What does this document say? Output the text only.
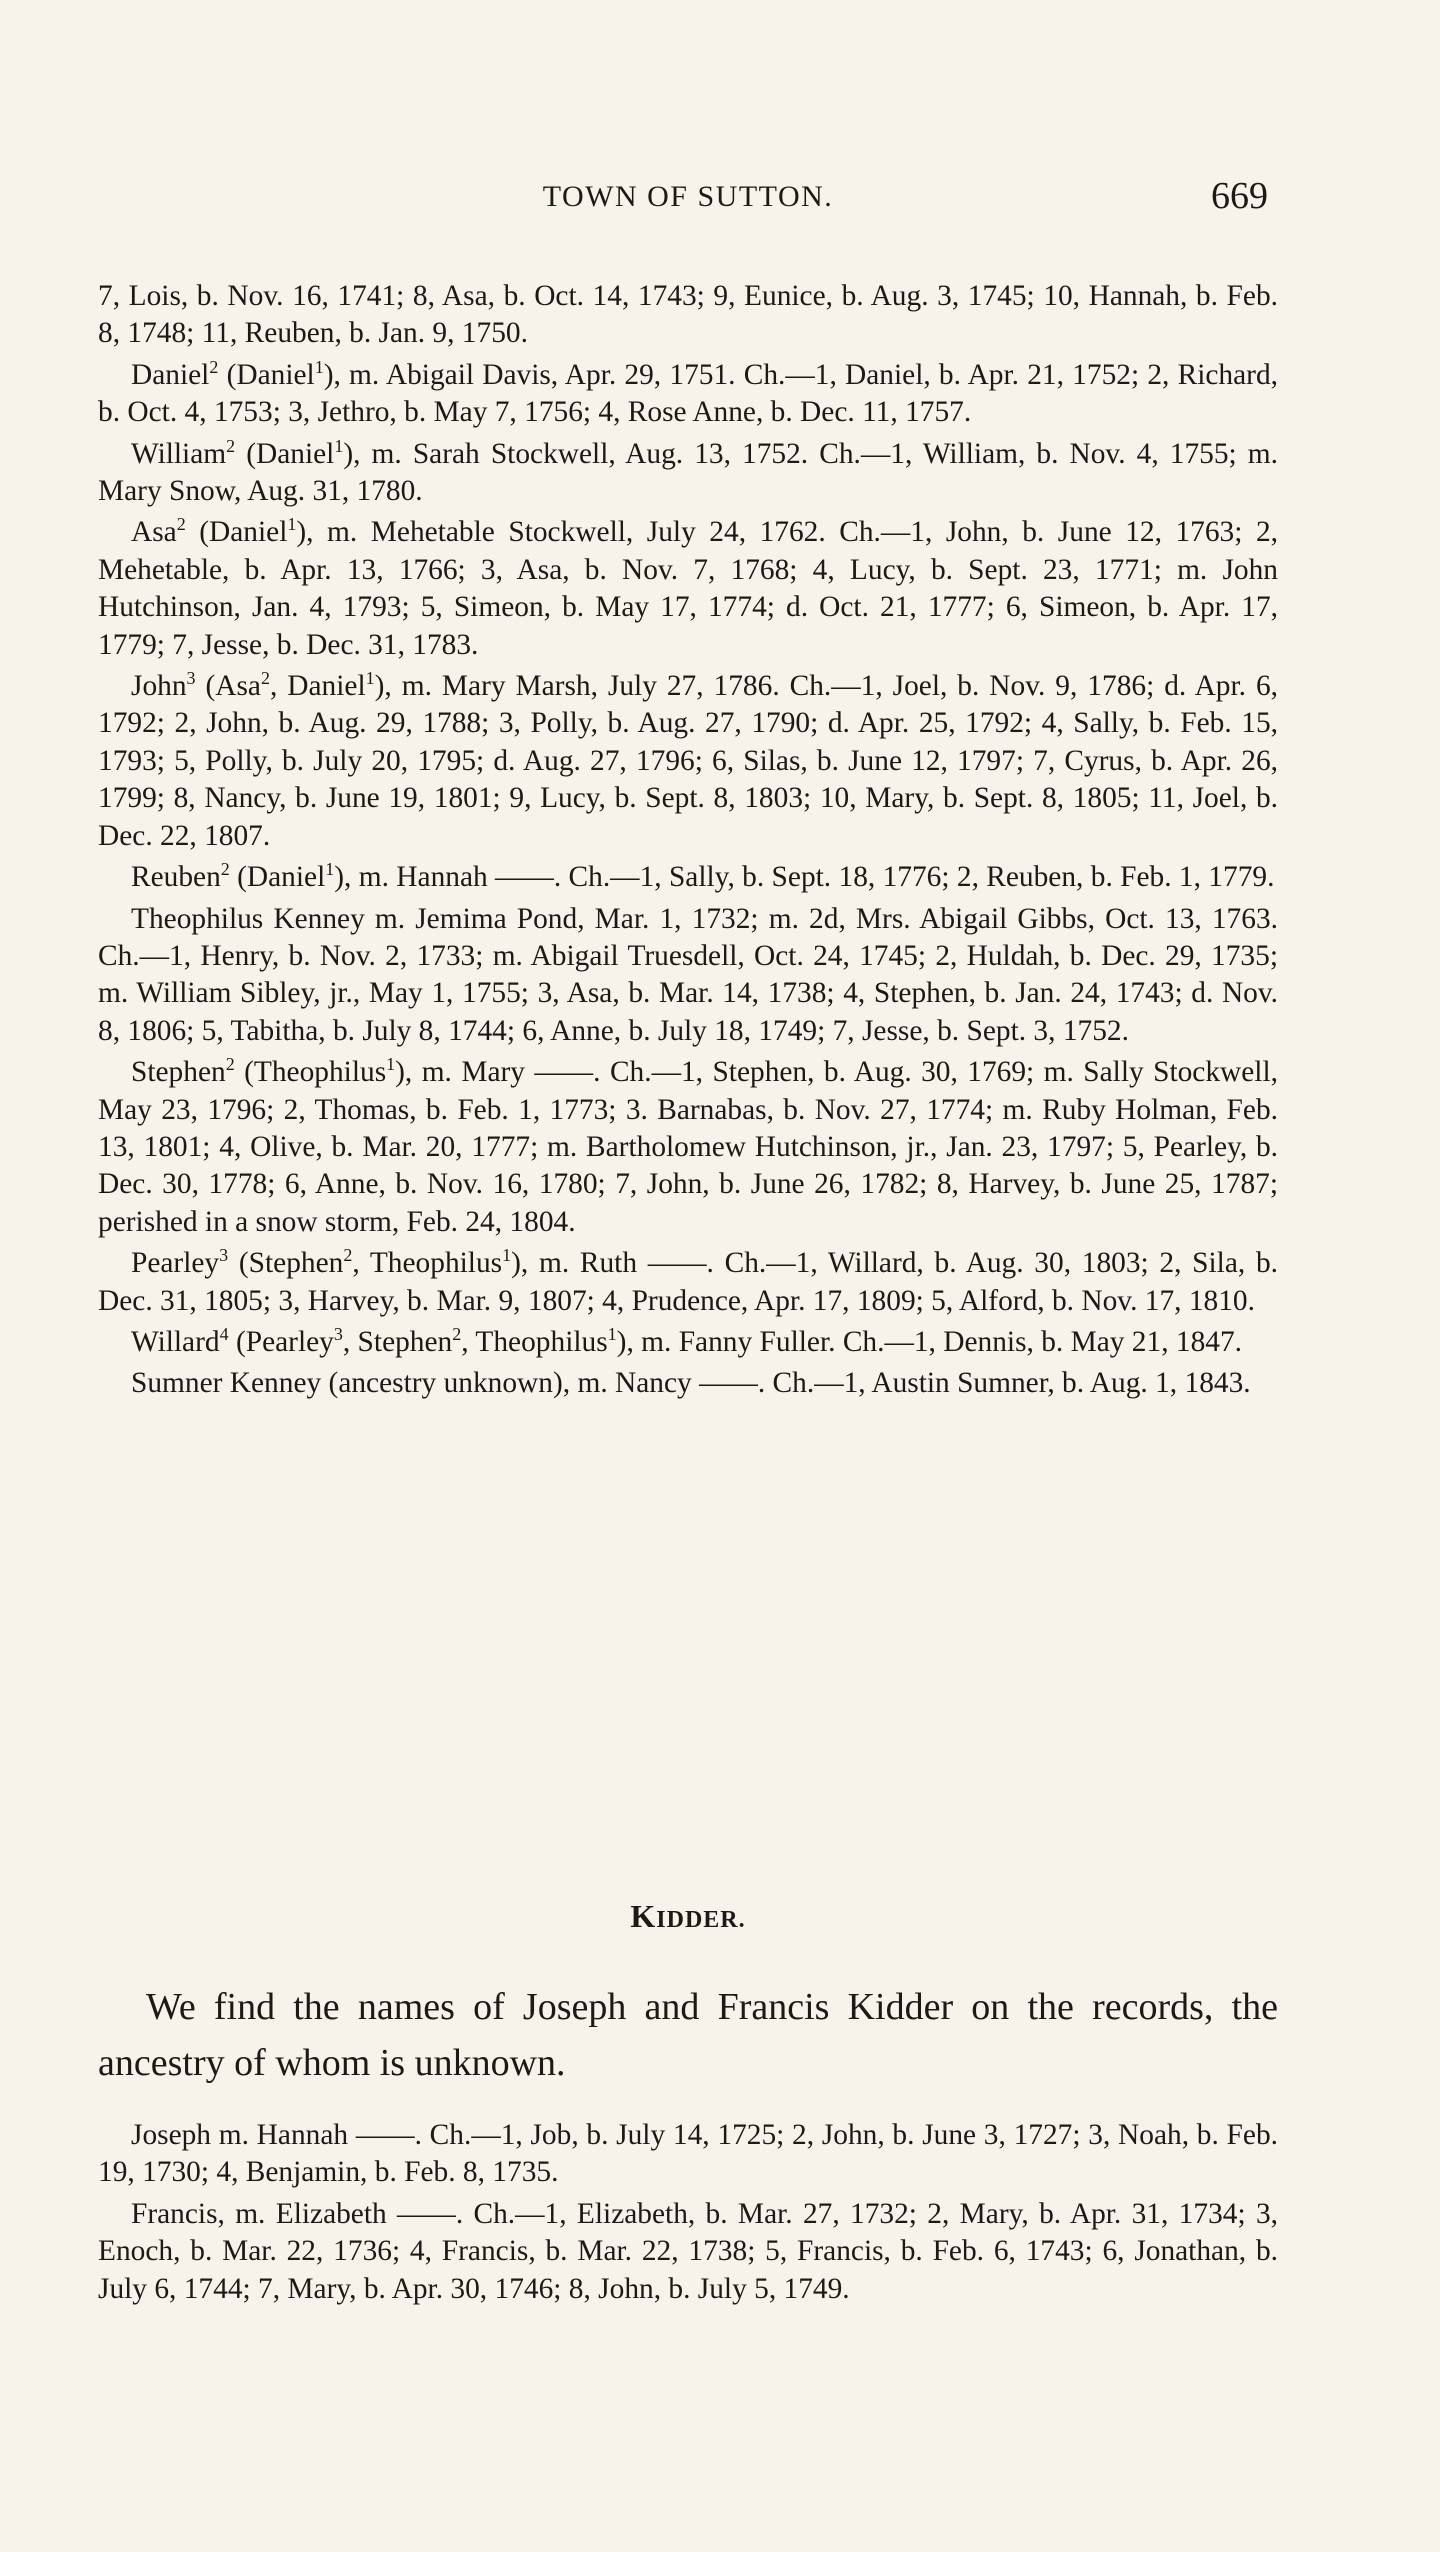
TOWN OF SUTTON.	669

7, Lois, b. Nov. 16, 1741; 8, Asa, b. Oct. 14, 1743; 9, Eunice, b. Aug. 3, 1745; 10, Hannah, b. Feb. 8, 1748; 11, Reuben, b. Jan. 9, 1750.

Daniel$^2$ (Daniel$^1$), m. Abigail Davis, Apr. 29, 1751. Ch.—1, Daniel, b. Apr. 21, 1752; 2, Richard, b. Oct. 4, 1753; 3, Jethro, b. May 7, 1756; 4, Rose Anne, b. Dec. 11, 1757.

William$^2$ (Daniel$^1$), m. Sarah Stockwell, Aug. 13, 1752. Ch.—1, William, b. Nov. 4, 1755; m. Mary Snow, Aug. 31, 1780.

Asa$^2$ (Daniel$^1$), m. Mehetable Stockwell, July 24, 1762. Ch.—1, John, b. June 12, 1763; 2, Mehetable, b. Apr. 13, 1766; 3, Asa, b. Nov. 7, 1768; 4, Lucy, b. Sept. 23, 1771; m. John Hutchinson, Jan. 4, 1793; 5, Simeon, b. May 17, 1774; d. Oct. 21, 1777; 6, Simeon, b. Apr. 17, 1779; 7, Jesse, b. Dec. 31, 1783.

John$^3$ (Asa$^2$, Daniel$^1$), m. Mary Marsh, July 27, 1786. Ch.—1, Joel, b. Nov. 9, 1786; d. Apr. 6, 1792; 2, John, b. Aug. 29, 1788; 3, Polly, b. Aug. 27, 1790; d. Apr. 25, 1792; 4, Sally, b. Feb. 15, 1793; 5, Polly, b. July 20, 1795; d. Aug. 27, 1796; 6, Silas, b. June 12, 1797; 7, Cyrus, b. Apr. 26, 1799; 8, Nancy, b. June 19, 1801; 9, Lucy, b. Sept. 8, 1803; 10, Mary, b. Sept. 8, 1805; 11, Joel, b. Dec. 22, 1807.

Reuben$^2$ (Daniel$^1$), m. Hannah ——. Ch.—1, Sally, b. Sept. 18, 1776; 2, Reuben, b. Feb. 1, 1779.

Theophilus Kenney m. Jemima Pond, Mar. 1, 1732; m. 2d, Mrs. Abigail Gibbs, Oct. 13, 1763. Ch.—1, Henry, b. Nov. 2, 1733; m. Abigail Truesdell, Oct. 24, 1745; 2, Huldah, b. Dec. 29, 1735; m. William Sibley, jr., May 1, 1755; 3, Asa, b. Mar. 14, 1738; 4, Stephen, b. Jan. 24, 1743; d. Nov. 8, 1806; 5, Tabitha, b. July 8, 1744; 6, Anne, b. July 18, 1749; 7, Jesse, b. Sept. 3, 1752.

Stephen$^2$ (Theophilus$^1$), m. Mary ——. Ch.—1, Stephen, b. Aug. 30, 1769; m. Sally Stockwell, May 23, 1796; 2, Thomas, b. Feb. 1, 1773; 3. Barnabas, b. Nov. 27, 1774; m. Ruby Holman, Feb. 13, 1801; 4, Olive, b. Mar. 20, 1777; m. Bartholomew Hutchinson, jr., Jan. 23, 1797; 5, Pearley, b. Dec. 30, 1778; 6, Anne, b. Nov. 16, 1780; 7, John, b. June 26, 1782; 8, Harvey, b. June 25, 1787; perished in a snow storm, Feb. 24, 1804.

Pearley$^3$ (Stephen$^2$, Theophilus$^1$), m. Ruth ——. Ch.—1, Willard, b. Aug. 30, 1803; 2, Sila, b. Dec. 31, 1805; 3, Harvey, b. Mar. 9, 1807; 4, Prudence, Apr. 17, 1809; 5, Alford, b. Nov. 17, 1810.

Willard$^4$ (Pearley$^3$, Stephen$^2$, Theophilus$^1$), m. Fanny Fuller. Ch.—1, Dennis, b. May 21, 1847.

Sumner Kenney (ancestry unknown), m. Nancy ——. Ch.—1, Austin Sumner, b. Aug. 1, 1843.

KIDDER.

We find the names of Joseph and Francis Kidder on the records, the ancestry of whom is unknown.

Joseph m. Hannah ——. Ch.—1, Job, b. July 14, 1725; 2, John, b. June 3, 1727; 3, Noah, b. Feb. 19, 1730; 4, Benjamin, b. Feb. 8, 1735.

Francis, m. Elizabeth ——. Ch.—1, Elizabeth, b. Mar. 27, 1732; 2, Mary, b. Apr. 31, 1734; 3, Enoch, b. Mar. 22, 1736; 4, Francis, b. Mar. 22, 1738; 5, Francis, b. Feb. 6, 1743; 6, Jonathan, b. July 6, 1744; 7, Mary, b. Apr. 30, 1746; 8, John, b. July 5, 1749.
